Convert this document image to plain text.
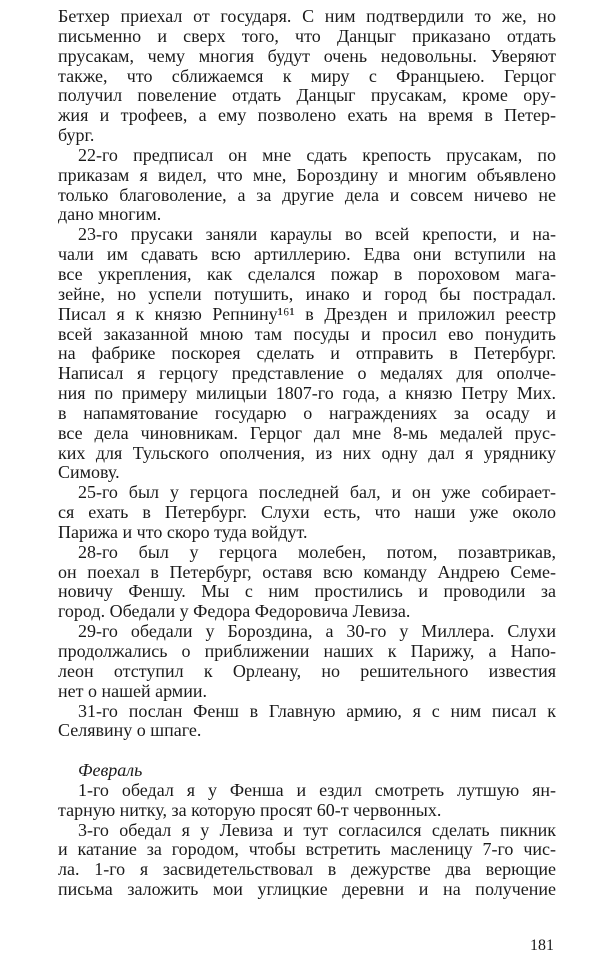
Бетхер приехал от государя. С ним подтвердили то же, но
письменно и сверх того, что Данцыг приказано отдать
прусакам, чему многия будут очень недовольны. Уверяют
также, что сближаемся к миру с Францыею. Герцог
получил повеление отдать Данцыг прусакам, кроме ору-
жия и трофеев, а ему позволено ехать на время в Петер-
бург.
22-го предписал он мне сдать крепость прусакам, по
приказам я видел, что мне, Бороздину и многим объявлено
только благоволение, а за другие дела и совсем ничево не
дано многим.
23-го прусаки заняли караулы во всей крепости, и на-
чали им сдавать всю артиллерию. Едва они вступили на
все укрепления, как сделался пожар в пороховом мага-
зейне, но успели потушить, инако и город бы пострадал.
Писал я к князю Репнину¹⁶¹ в Дрезден и приложил реестр
всей заказанной мною там посуды и просил ево понудить
на фабрике поскорея сделать и отправить в Петербург.
Написал я герцогу представление о медалях для ополче-
ния по примеру милицыи 1807-го года, а князю Петру Мих.
в напамятование государю о награждениях за осаду и
все дела чиновникам. Герцог дал мне 8-мь медалей прус-
ких для Тульского ополчения, из них одну дал я уряднику
Симову.
25-го был у герцога последней бал, и он уже собирает-
ся ехать в Петербург. Слухи есть, что наши уже около
Парижа и что скоро туда войдут.
28-го был у герцога молебен, потом, позавтрикав,
он поехал в Петербург, оставя всю команду Андрею Семе-
новичу Феншу. Мы с ним простились и проводили за
город. Обедали у Федора Федоровича Левиза.
29-го обедали у Бороздина, а 30-го у Миллера. Слухи
продолжались о приближении наших к Парижу, а Напо-
леон отступил к Орлеану, но решительного известия
нет о нашей армии.
31-го послан Фенш в Главную армию, я с ним писал к
Селявину о шпаге.
Февраль
1-го обедал я у Фенша и ездил смотреть лутшую ян-
тарную нитку, за которую просят 60-т червонных.
3-го обедал я у Левиза и тут согласился сделать пикник
и катание за городом, чтобы встретить масленицу 7-го чис-
ла. 1-го я засвидетельствовал в дежурстве два верющие
письма заложить мои углицкие деревни и на получение
181
